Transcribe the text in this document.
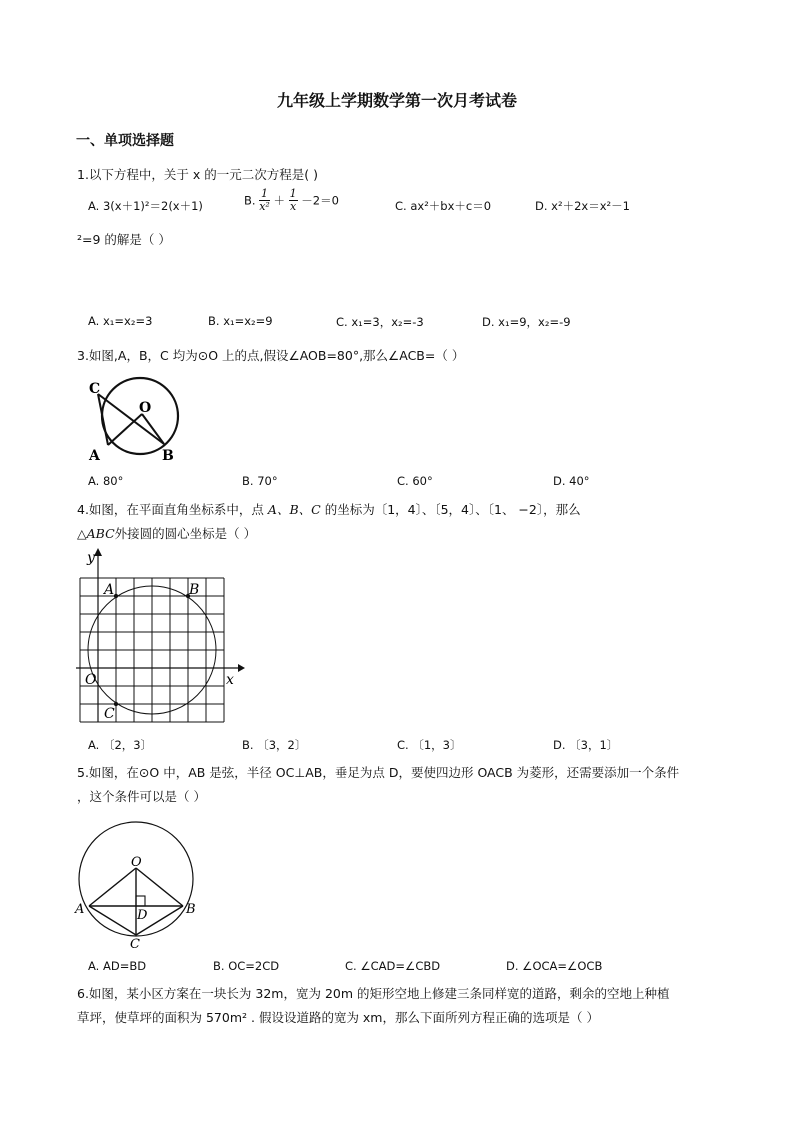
九年级上学期数学第一次月考试卷
一、单项选择题
1.以下方程中，关于 x 的一元二次方程是( )
A. 3(x＋1)²＝2(x＋1)	B. $\frac{1}{\text{x²}} + \frac{1}{x} -2=0$	C. ax²＋bx＋c＝0	D. x²＋2x＝x²－1
²=9 的解是（ ）
A. x₁=x₂=3	B. x₁=x₂=9	C. x₁=3，x₂=-3	D. x₁=9，x₂=-9
3.如图,A，B，C 均为⊙O 上的点,假设∠AOB=80°,那么∠ACB=（ ）
C
O
A	B
A. 80°	B. 70°	C. 60°	D. 40°
4.如图，在平面直角坐标系中，点 A、B、C 的坐标为〔1，4〕、〔5，4〕、〔1、 −2〕，那么
△ABC外接圆的圆心坐标是（ ）
y
A	B
O	x
C
A. 〔2，3〕	B. 〔3，2〕	C. 〔1，3〕	D. 〔3，1〕
5.如图，在⊙O 中，AB 是弦，半径 OC⊥AB，垂足为点 D，要使四边形 OACB 为菱形，还需要添加一个条件
，这个条件可以是（ ）
O
A	D	B
C
A. AD=BD	B. OC=2CD	C. ∠CAD=∠CBD	D. ∠OCA=∠OCB
6.如图，某小区方案在一块长为 32m，宽为 20m 的矩形空地上修建三条同样宽的道路，剩余的空地上种植
草坪，使草坪的面积为 570m² . 假设设道路的宽为 xm，那么下面所列方程正确的选项是（ ）
